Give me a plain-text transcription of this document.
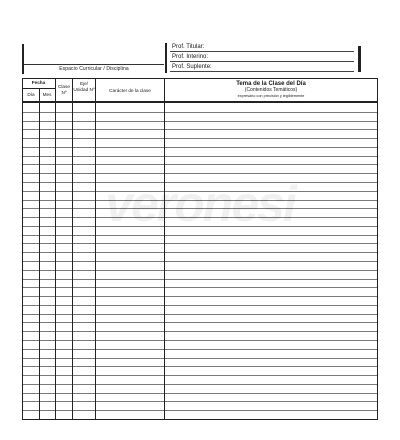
Espacio Curricular / Disciplina
Prof. Titular:
Prof. Interino:
Prof. Suplente:
Fecha
Día	Mes
Clase Nº
Eje/ Unidad Nº	Carácter de la clase
Tema de la Clase del Día
(Contenidos Temáticos)
expresarlo con precisión y legiblemente
veronesi
